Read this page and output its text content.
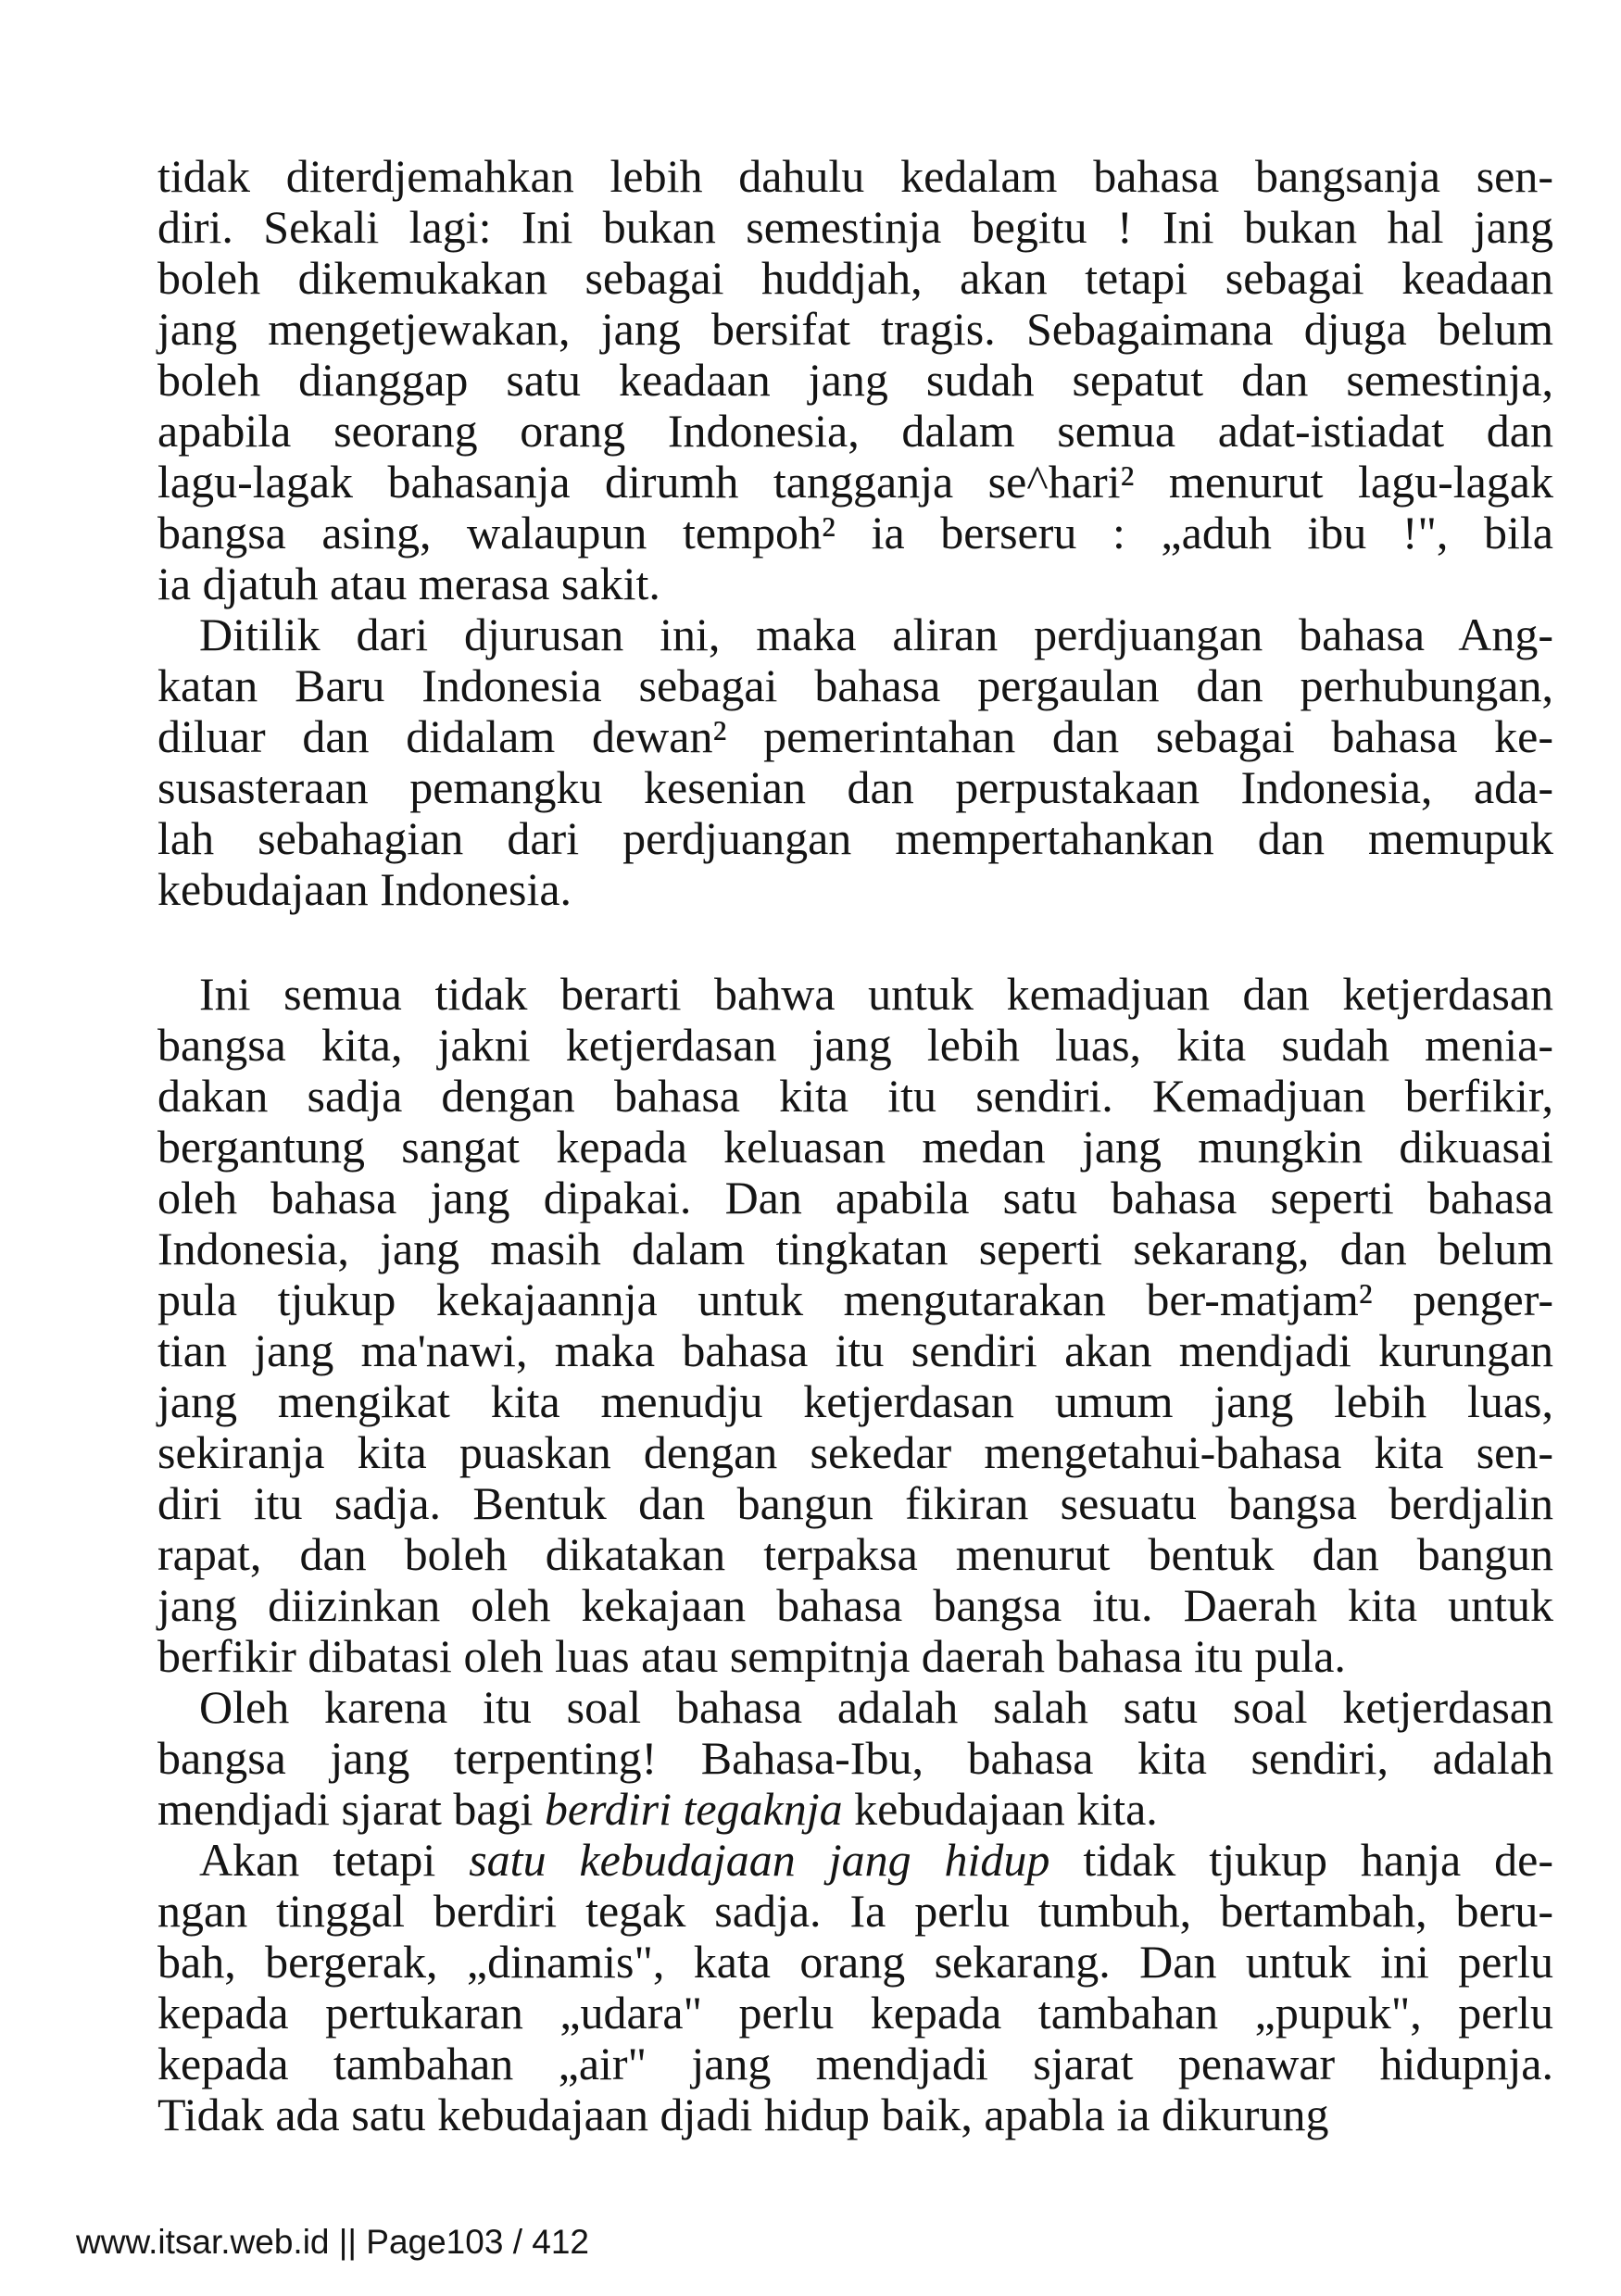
tidak diterdjemahkan lebih dahulu kedalam bahasa bangsanja sen-
diri. Sekali lagi: Ini bukan semestinja begitu ! Ini bukan hal jang
boleh dikemukakan sebagai huddjah, akan tetapi sebagai keadaan
jang mengetjewakan, jang bersifat tragis. Sebagaimana djuga belum
boleh dianggap satu keadaan jang sudah sepatut dan semestinja,
apabila seorang orang Indonesia, dalam semua adat-istiadat dan
lagu-lagak bahasanja dirumh tangganja se^hari² menurut lagu-lagak
bangsa asing, walaupun tempoh² ia berseru : „aduh ibu !", bila
ia djatuh atau merasa sakit.
Ditilik dari djurusan ini, maka aliran perdjuangan bahasa Ang-
katan Baru Indonesia sebagai bahasa pergaulan dan perhubungan,
diluar dan didalam dewan² pemerintahan dan sebagai bahasa ke-
susasteraan pemangku kesenian dan perpustakaan Indonesia, ada-
lah sebahagian dari perdjuangan mempertahankan dan memupuk
kebudajaan Indonesia.
Ini semua tidak berarti bahwa untuk kemadjuan dan ketjerdasan
bangsa kita, jakni ketjerdasan jang lebih luas, kita sudah menia-
dakan sadja dengan bahasa kita itu sendiri. Kemadjuan berfikir,
bergantung sangat kepada keluasan medan jang mungkin dikuasai
oleh bahasa jang dipakai. Dan apabila satu bahasa seperti bahasa
Indonesia, jang masih dalam tingkatan seperti sekarang, dan belum
pula tjukup kekajaannja untuk mengutarakan ber-matjam² penger-
tian jang ma'nawi, maka bahasa itu sendiri akan mendjadi kurungan
jang mengikat kita menudju ketjerdasan umum jang lebih luas,
sekiranja kita puaskan dengan sekedar mengetahui-bahasa kita sen-
diri itu sadja. Bentuk dan bangun fikiran sesuatu bangsa berdjalin
rapat, dan boleh dikatakan terpaksa menurut bentuk dan bangun
jang diizinkan oleh kekajaan bahasa bangsa itu. Daerah kita untuk
berfikir dibatasi oleh luas atau sempitnja daerah bahasa itu pula.
Oleh karena itu soal bahasa adalah salah satu soal ketjerdasan
bangsa jang terpenting! Bahasa-Ibu, bahasa kita sendiri, adalah
mendjadi sjarat bagi berdiri tegaknja kebudajaan kita.
Akan tetapi satu kebudajaan jang hidup tidak tjukup hanja de-
ngan tinggal berdiri tegak sadja. Ia perlu tumbuh, bertambah, beru-
bah, bergerak, „dinamis", kata orang sekarang. Dan untuk ini perlu
kepada pertukaran „udara" perlu kepada tambahan „pupuk", perlu
kepada tambahan „air" jang mendjadi sjarat penawar hidupnja.
Tidak ada satu kebudajaan djadi hidup baik, apabla ia dikurung
www.itsar.web.id || Page103 / 412
